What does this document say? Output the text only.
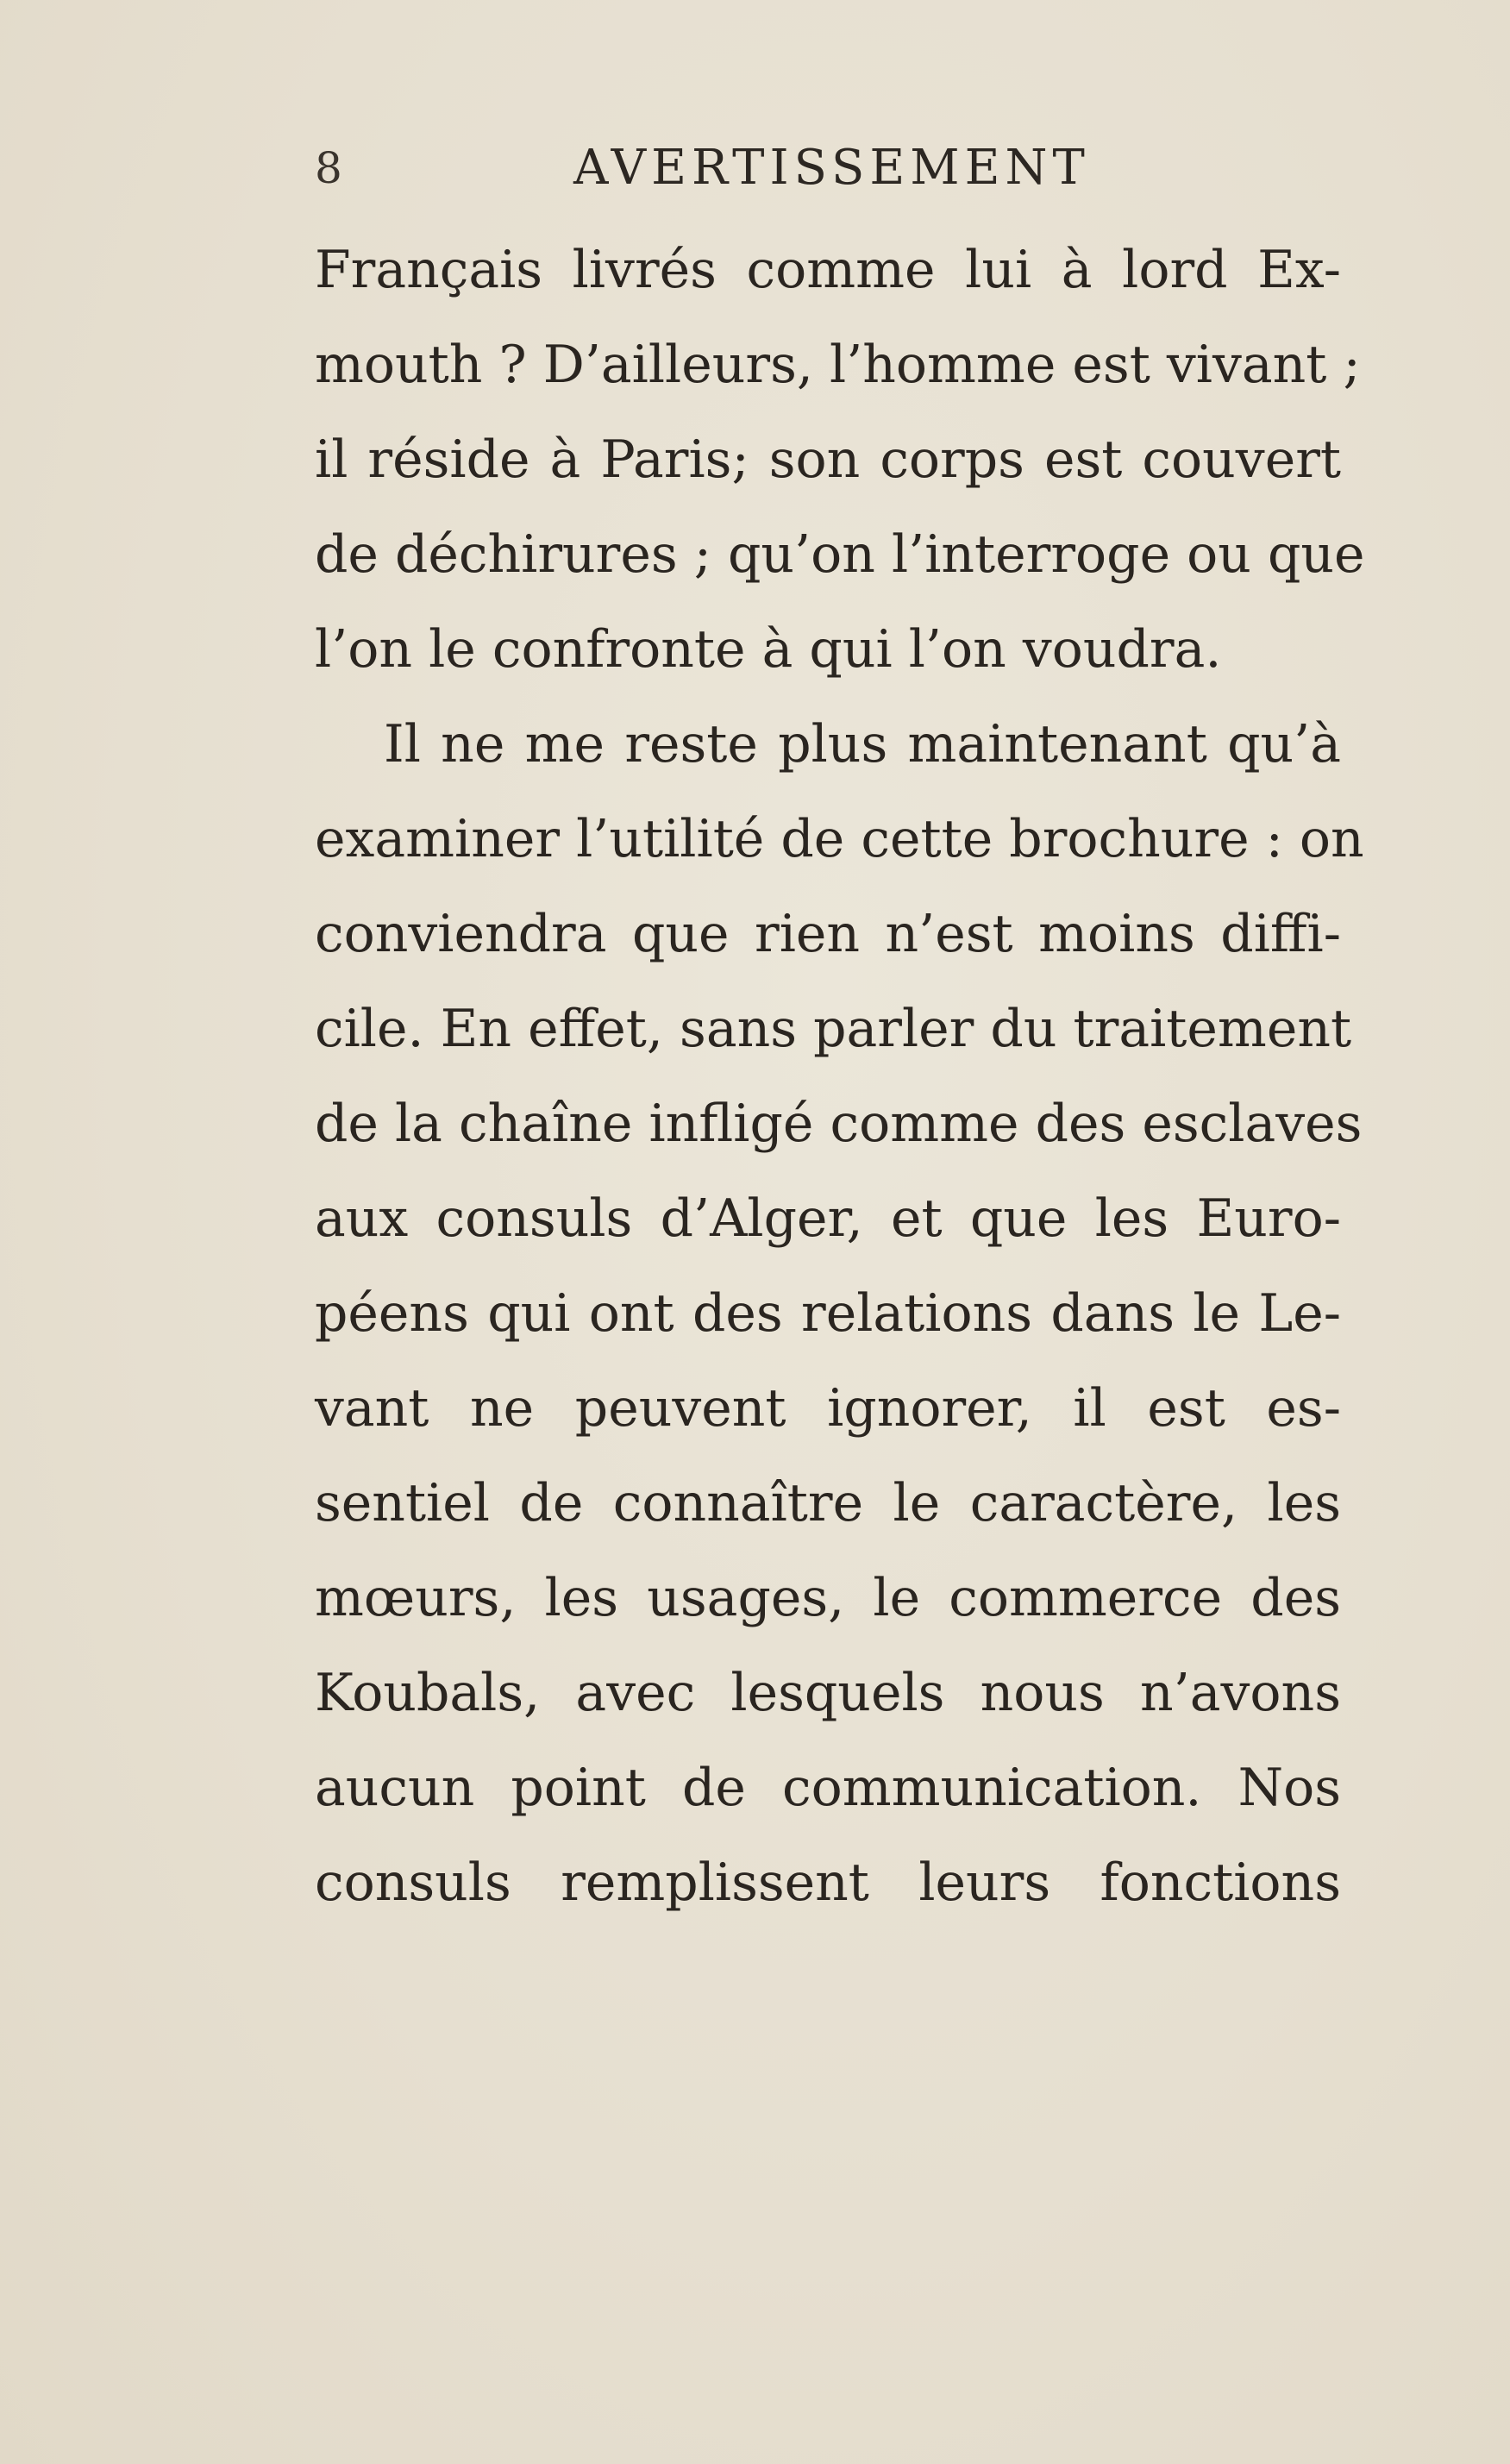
8	AVERTISSEMENT
Français livrés comme lui à lord Ex-
mouth ? D’ailleurs, l’homme est vivant ;
il réside à Paris; son corps est couvert
de déchirures ; qu’on l’interroge ou que
l’on le confronte à qui l’on voudra.
Il ne me reste plus maintenant qu’à
examiner l’utilité de cette brochure : on
conviendra que rien n’est moins diffi-
cile. En effet, sans parler du traitement
de la chaîne infligé comme des esclaves
aux consuls d’Alger, et que les Euro-
péens qui ont des relations dans le Le-
vant ne peuvent ignorer, il est es-
sentiel de connaître le caractère, les
mœurs, les usages, le commerce des
Koubals, avec lesquels nous n’avons
aucun point de communication. Nos
consuls remplissent leurs fonctions
